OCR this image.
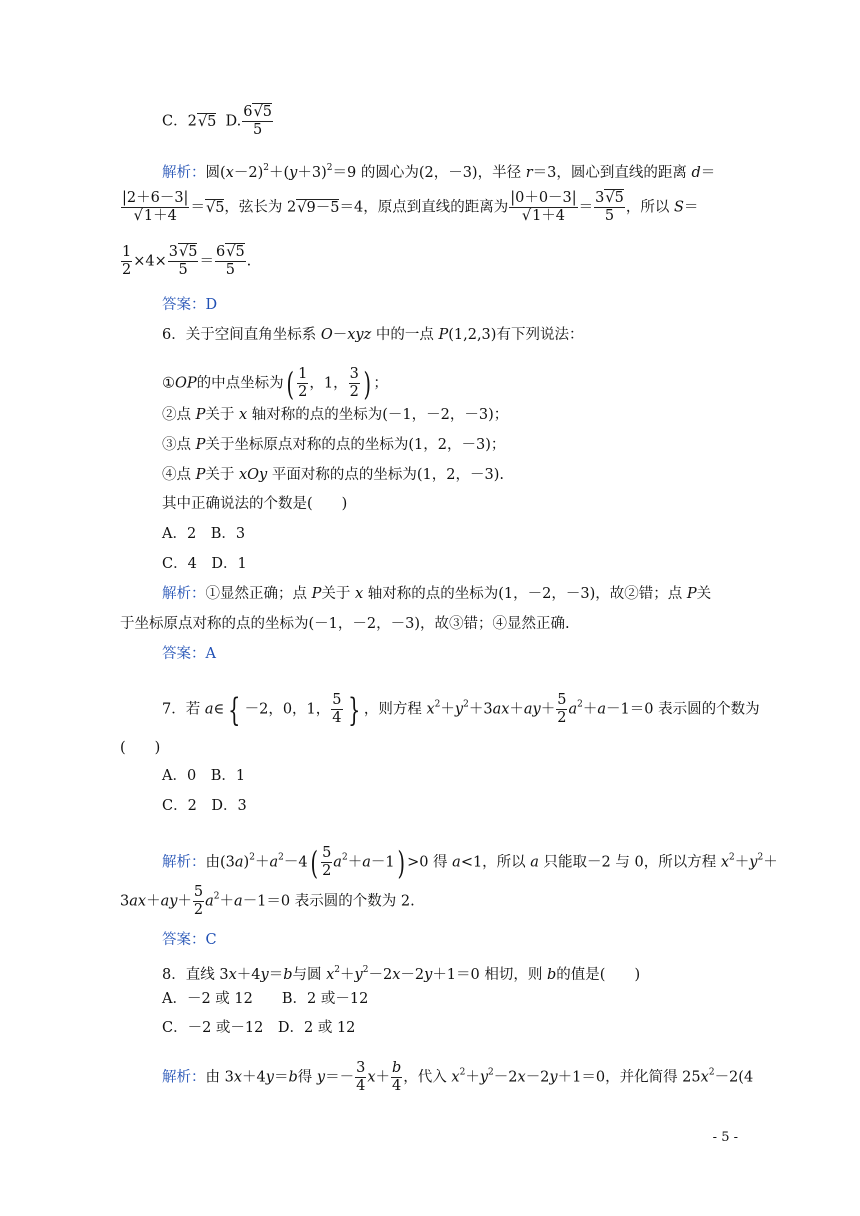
C．2√5  D. $\frac{6√5}{5}$
解析：圆$(x-2)^2+(y+3)^2=9$ 的圆心为(2，－3)，半径 r＝3，圆心到直线的距离 d＝
$\frac{|2+6-3|}{√1+4} =√5$，弦长为 2√9－5＝4，原点到直线的距离为 $\frac{|0+0-3|}{√1+4} = \frac{3√5}{5}$ ，所以 S＝
$\frac{1}{2} \times 4\times \frac{3√5}{5} = \frac{6√5}{5}$ .
答案：D
6．关于空间直角坐标系 O－xyz 中的一点 P(1,2,3)有下列说法：
①OP的中点坐标为( $\frac{1}{2}$ ，1， $\frac{3}{2}$ ) ；
②点 P关于 x 轴对称的点的坐标为(－1，－2，－3)；
③点 P关于坐标原点对称的点的坐标为(1，2，－3)；
④点 P关于 xOy 平面对称的点的坐标为(1，2，－3).
其中正确说法的个数是(　　)
A．2　B．3
C．4　D．1
解析：①显然正确；点 P关于 x 轴对称的点的坐标为(1，－2，－3)，故②错；点 P关
于坐标原点对称的点的坐标为(－1，－2，－3)，故③错；④显然正确.
答案：A
7．若 a∈ { －2，0，1， $\frac{5}{4}$ } ，则方程 $x^2+y^2+3ax+ay+ \frac{5}{2} a^2+a-1=0$ 表示圆的个数为
(　　)
A．0　B．1
C．2　D．3
解析：由$(3a)^2+a^2-4( \frac{5}{2} a^2+a-1) >0$ 得 a<1，所以 a 只能取－2 与 0，所以方程 $x^2+y^2+$
$3ax+ay+ \frac{5}{2} a^2+a-1=0$ 表示圆的个数为 2.
答案：C
8．直线 3x＋4y＝b与圆 $x^2+y^2-2x-2y+1=0$ 相切，则 b的值是(　　)
A．－2 或 12　　B．2 或－12
C．－2 或－12　D．2 或 12
解析：由 3x＋4y＝b得 $y=- \frac{3}{4} x+ \frac{b}{4}$ ，代入 $x^2+y^2-2x-2y+1=0$，并化简得 $25x^2-2(4$
- 5 -
